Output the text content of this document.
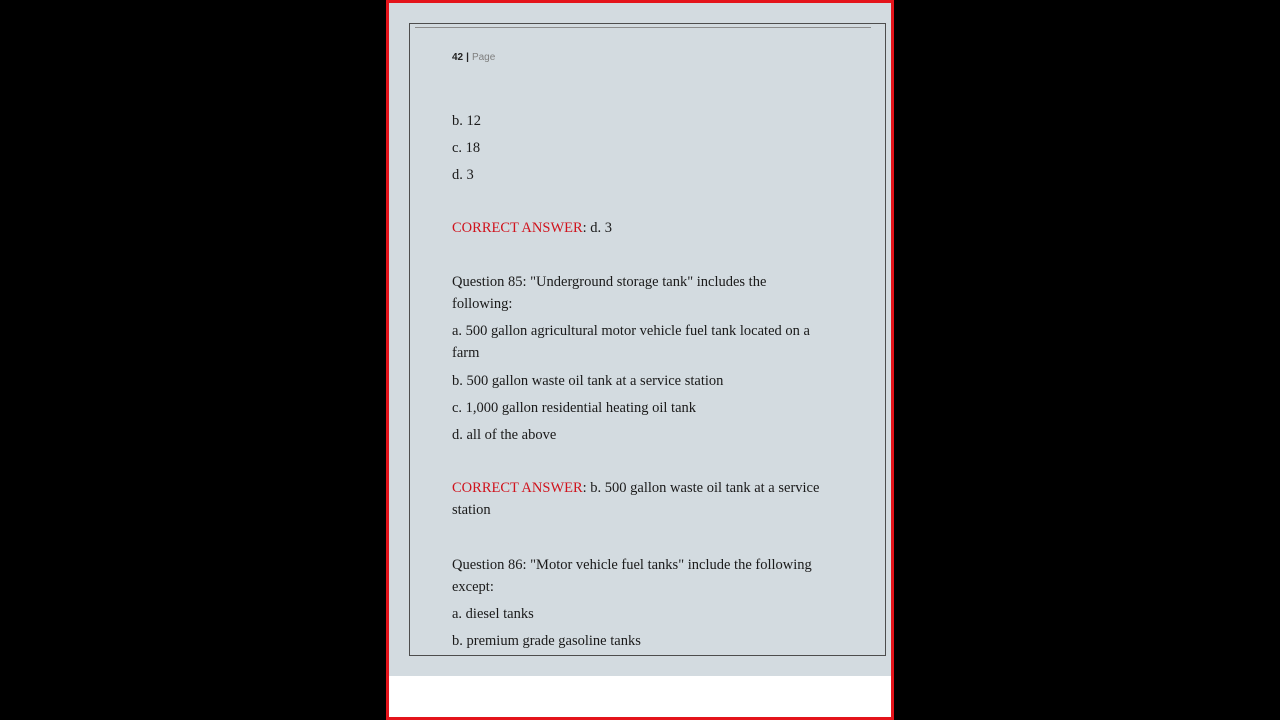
42 | Page
b. 12
c. 18
d. 3
CORRECT ANSWER: d. 3
Question 85: "Underground storage tank" includes the following:
a. 500 gallon agricultural motor vehicle fuel tank located on a farm
b. 500 gallon waste oil tank at a service station
c. 1,000 gallon residential heating oil tank
d. all of the above
CORRECT ANSWER: b. 500 gallon waste oil tank at a service station
Question 86: "Motor vehicle fuel tanks" include the following except:
a. diesel tanks
b. premium grade gasoline tanks
